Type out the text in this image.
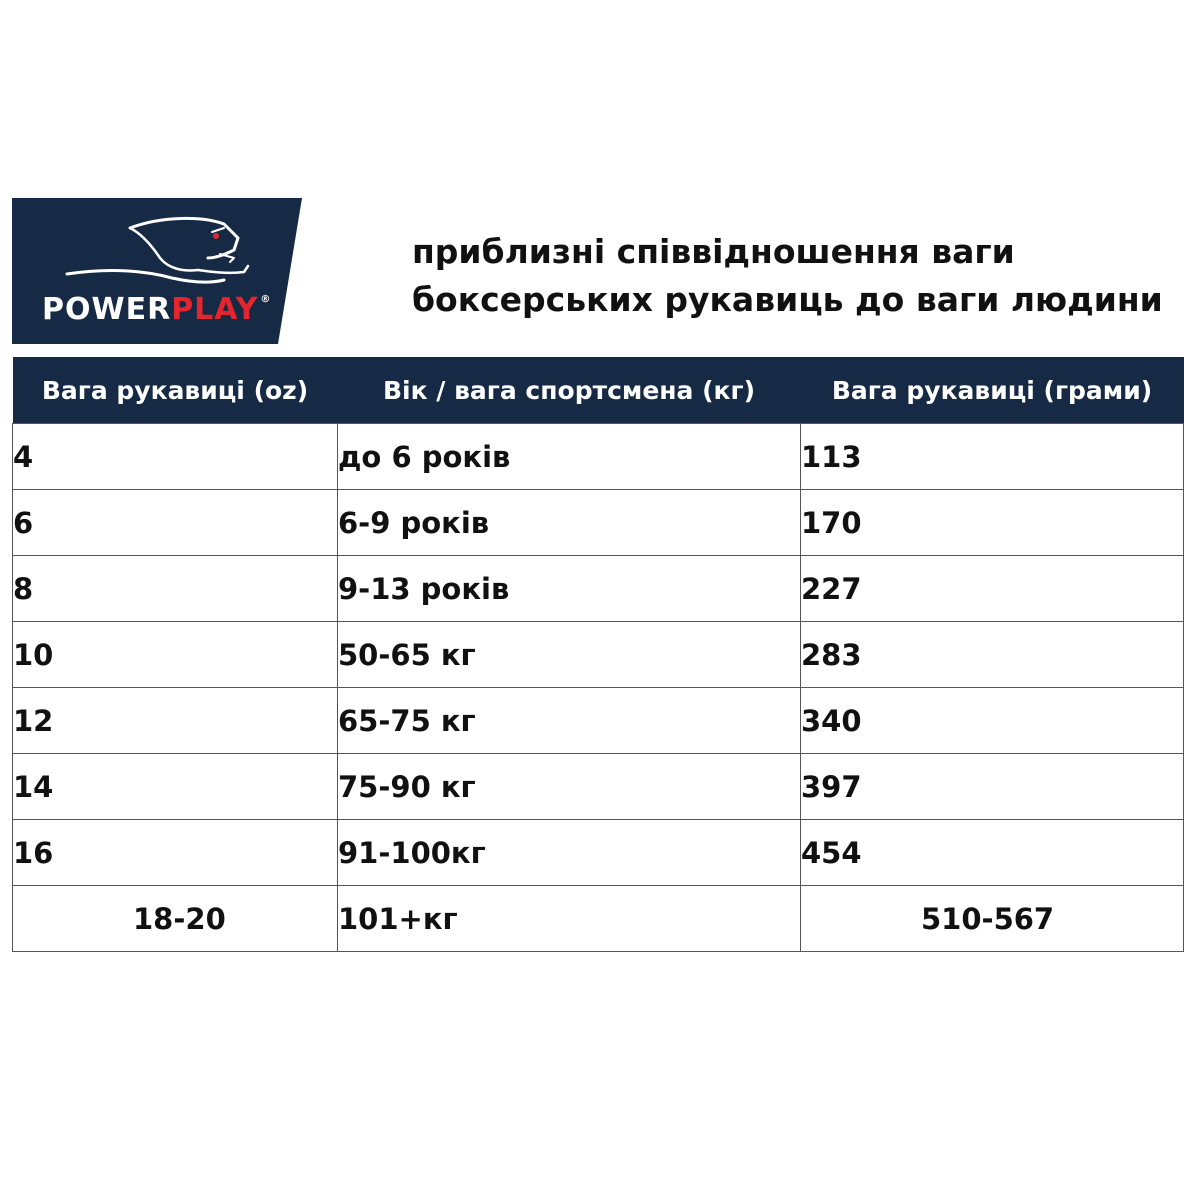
POWERPLAY ®
приблизні співвідношення ваги
боксерських рукавиць до ваги людини
Вага рукавиці (oz)	Вік / вага спортсмена (кг)	Вага рукавиці (грами)
4	до 6 років	113
6	6-9 років	170
8	9-13 років	227
10	50-65 кг	283
12	65-75 кг	340
14	75-90 кг	397
16	91-100кг	454
18-20	101+кг	510-567
